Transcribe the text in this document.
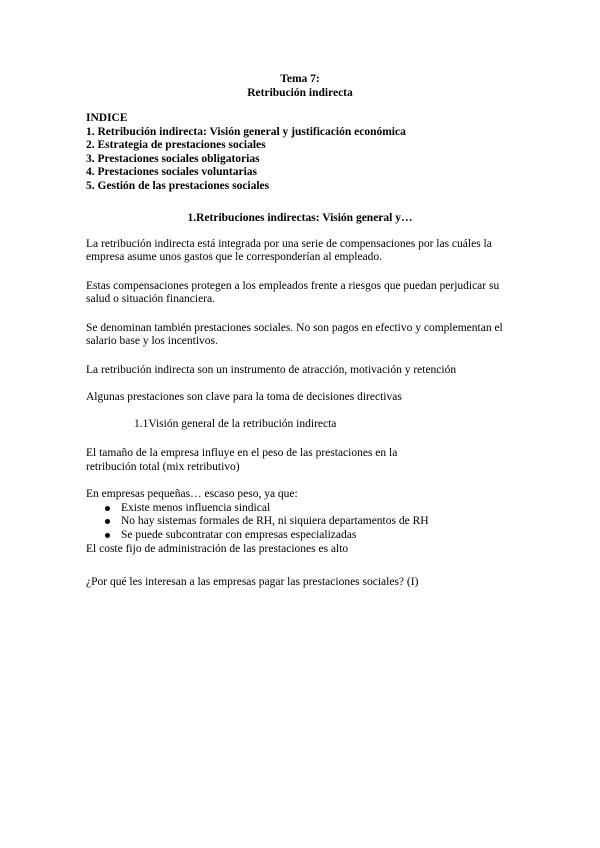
Tema 7:
Retribución indirecta
INDICE
1. Retribución indirecta: Visión general y justificación económica
2. Estrategia de prestaciones sociales
3. Prestaciones sociales obligatorias
4. Prestaciones sociales voluntarias
5. Gestión de las prestaciones sociales
1.Retribuciones indirectas: Visión general y…

La retribución indirecta está integrada por una serie de compensaciones por las cuáles la empresa asume unos gastos que le corresponderían al empleado.

Estas compensaciones protegen a los empleados frente a riesgos que puedan perjudicar su salud o situación financiera.

Se denominan también prestaciones sociales. No son pagos en efectivo y complementan el salario base y los incentivos.

La retribución indirecta son un instrumento de atracción, motivación y retención

Algunas prestaciones son clave para la toma de decisiones directivas

1.1Visión general de la retribución indirecta

El tamaño de la empresa influye en el peso de las prestaciones en la

retribución total (mix retributivo)

En empresas pequeñas… escaso peso, ya que:

Existe menos influencia sindical
No hay sistemas formales de RH, ni siquiera departamentos de RH
Se puede subcontratar con empresas especializadas

El coste fijo de administración de las prestaciones es alto

¿Por qué les interesan a las empresas pagar las prestaciones sociales? (I)
